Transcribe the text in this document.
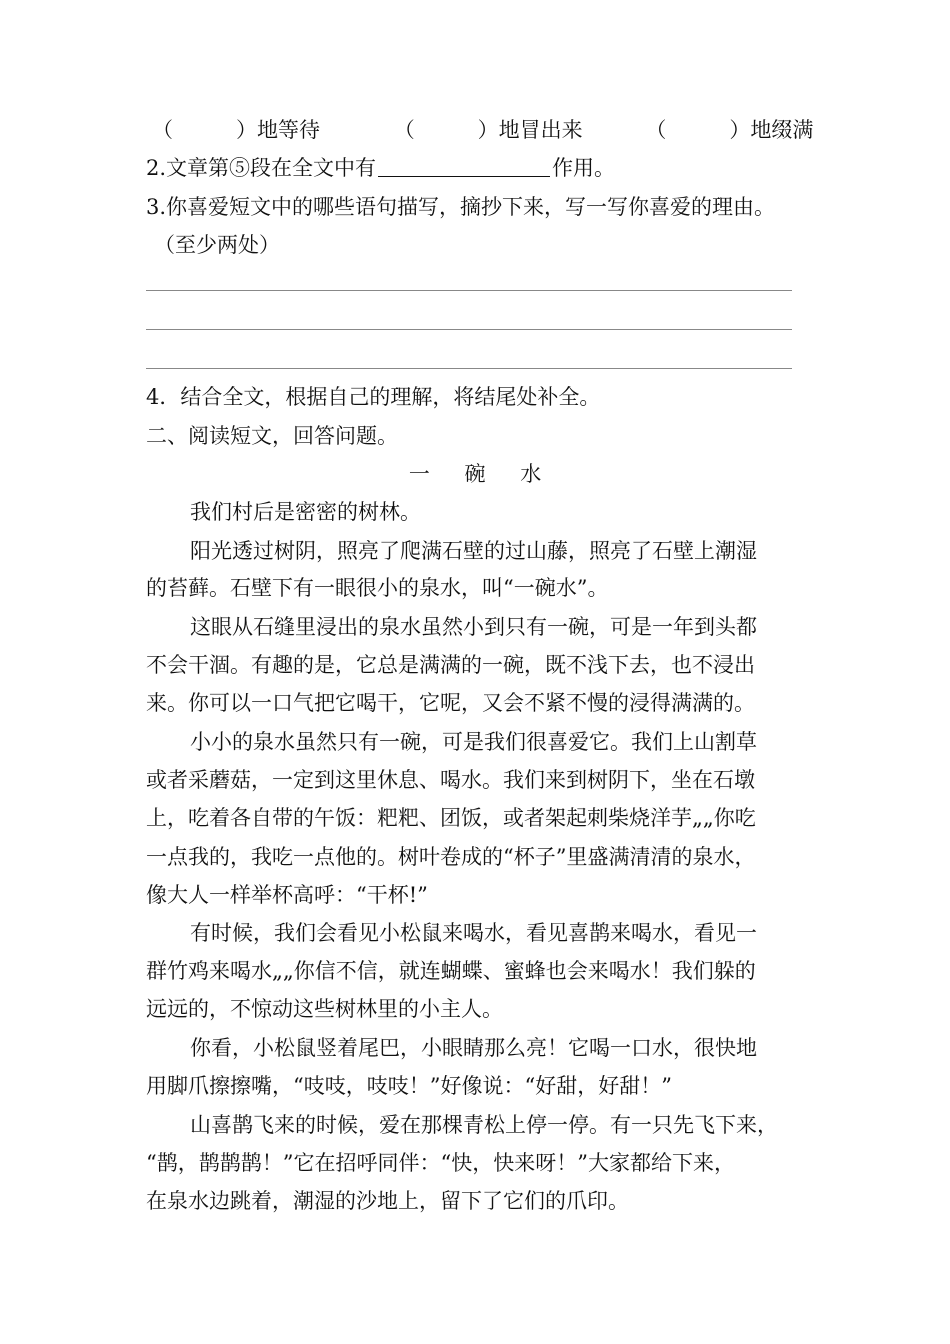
（　　　）地等待	（　　　）地冒出来	（　　　）地缀满
2.文章第⑤段在全文中有	作用。
3.你喜爱短文中的哪些语句描写，摘抄下来，写一写你喜爱的理由。
（至少两处）
4．结合全文，根据自己的理解，将结尾处补全。
二、阅读短文，回答问题。
一 碗 水
我们村后是密密的树林。
阳光透过树阴，照亮了爬满石壁的过山藤，照亮了石壁上潮湿
的苔藓。石壁下有一眼很小的泉水，叫“一碗水”。
这眼从石缝里浸出的泉水虽然小到只有一碗，可是一年到头都
不会干涸。有趣的是，它总是满满的一碗，既不浅下去，也不浸出
来。你可以一口气把它喝干，它呢，又会不紧不慢的浸得满满的。
小小的泉水虽然只有一碗，可是我们很喜爱它。我们上山割草
或者采蘑菇，一定到这里休息、喝水。我们来到树阴下，坐在石墩
上，吃着各自带的午饭：粑粑、团饭，或者架起刺柴烧洋芋„„你吃
一点我的，我吃一点他的。树叶卷成的“杯子”里盛满清清的泉水，
像大人一样举杯高呼：“干杯!”
有时候，我们会看见小松鼠来喝水，看见喜鹊来喝水，看见一
群竹鸡来喝水„„你信不信，就连蝴蝶、蜜蜂也会来喝水！我们躲的
远远的，不惊动这些树林里的小主人。
你看，小松鼠竖着尾巴，小眼睛那么亮！它喝一口水，很快地
用脚爪擦擦嘴，“吱吱，吱吱！”好像说：“好甜，好甜！”
山喜鹊飞来的时候，爱在那棵青松上停一停。有一只先飞下来，
“鹊，鹊鹊鹊！”它在招呼同伴：“快，快来呀！”大家都给下来，
在泉水边跳着，潮湿的沙地上，留下了它们的爪印。
